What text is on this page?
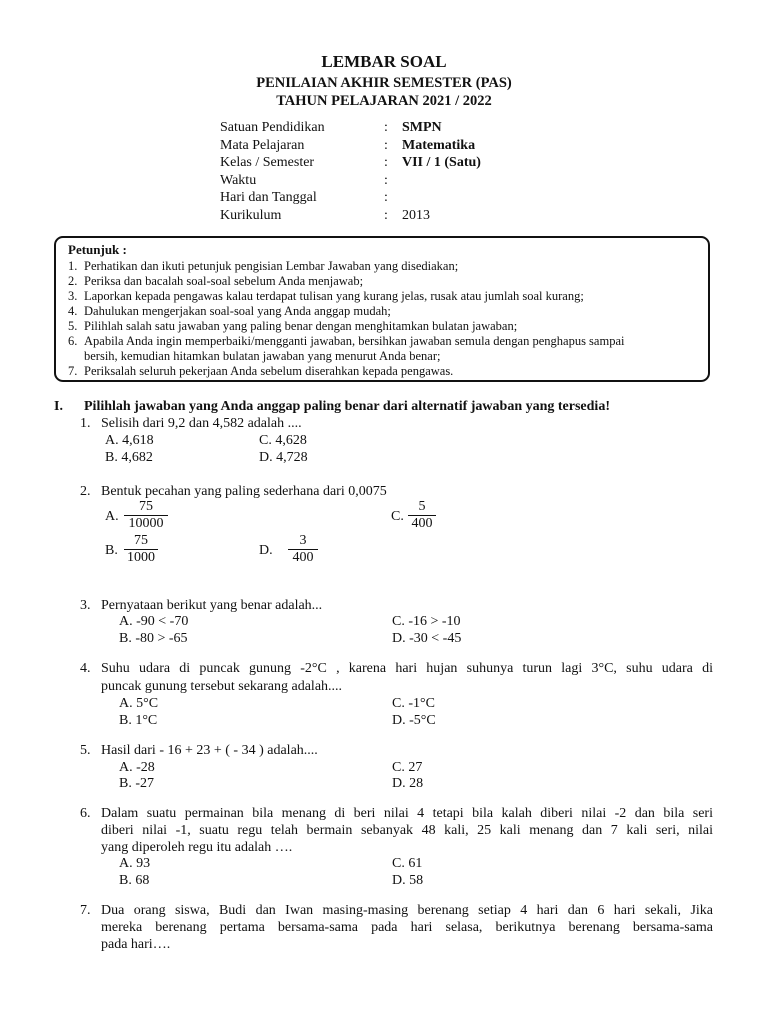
LEMBAR SOAL
PENILAIAN AKHIR SEMESTER (PAS)
TAHUN PELAJARAN 2021 / 2022
Satuan Pendidikan	: SMPN
Mata Pelajaran	: Matematika
Kelas / Semester	: VII / 1 (Satu)
Waktu	:
Hari dan Tanggal	:
Kurikulum	: 2013
Petunjuk :
1. Perhatikan dan ikuti petunjuk pengisian Lembar Jawaban yang disediakan;
2. Periksa dan bacalah soal-soal sebelum Anda menjawab;
3. Laporkan kepada pengawas kalau terdapat tulisan yang kurang jelas, rusak atau jumlah soal kurang;
4. Dahulukan mengerjakan soal-soal yang Anda anggap mudah;
5. Pilihlah salah satu jawaban yang paling benar dengan menghitamkan bulatan jawaban;
6. Apabila Anda ingin memperbaiki/mengganti jawaban, bersihkan jawaban semula dengan penghapus sampai
bersih, kemudian hitamkan bulatan jawaban yang menurut Anda benar;
7. Periksalah seluruh pekerjaan Anda sebelum diserahkan kepada pengawas.
I. Pilihlah jawaban yang Anda anggap paling benar dari alternatif jawaban yang tersedia!
1. Selisih dari 9,2 dan 4,582 adalah ....
A. 4,618	C. 4,628
B. 4,682	D. 4,728
2. Bentuk pecahan yang paling sederhana dari 0,0075
A.
75
10000	C.
5
400
B.
75
1000	D.
3
400
3. Pernyataan berikut yang benar adalah...
A. -90 < -70	C. -16 > -10
B. -80 > -65	D. -30 < -45
4. Suhu udara di puncak gunung -2°C , karena hari hujan suhunya turun lagi 3°C, suhu udara di
puncak gunung tersebut sekarang adalah....
A. 5°C	C. -1°C
B. 1°C	D. -5°C
5. Hasil dari - 16 + 23 + ( - 34 ) adalah....
A. -28	C. 27
B. -27	D. 28
6. Dalam suatu permainan bila menang di beri nilai 4 tetapi bila kalah diberi nilai -2 dan bila seri
diberi nilai -1, suatu regu telah bermain sebanyak 48 kali, 25 kali menang dan 7 kali seri, nilai
yang diperoleh regu itu adalah ….
A. 93	C. 61
B. 68	D. 58
7. Dua orang siswa, Budi dan Iwan masing-masing berenang setiap 4 hari dan 6 hari sekali, Jika
mereka berenang pertama bersama-sama pada hari selasa, berikutnya berenang bersama-sama
pada hari….
